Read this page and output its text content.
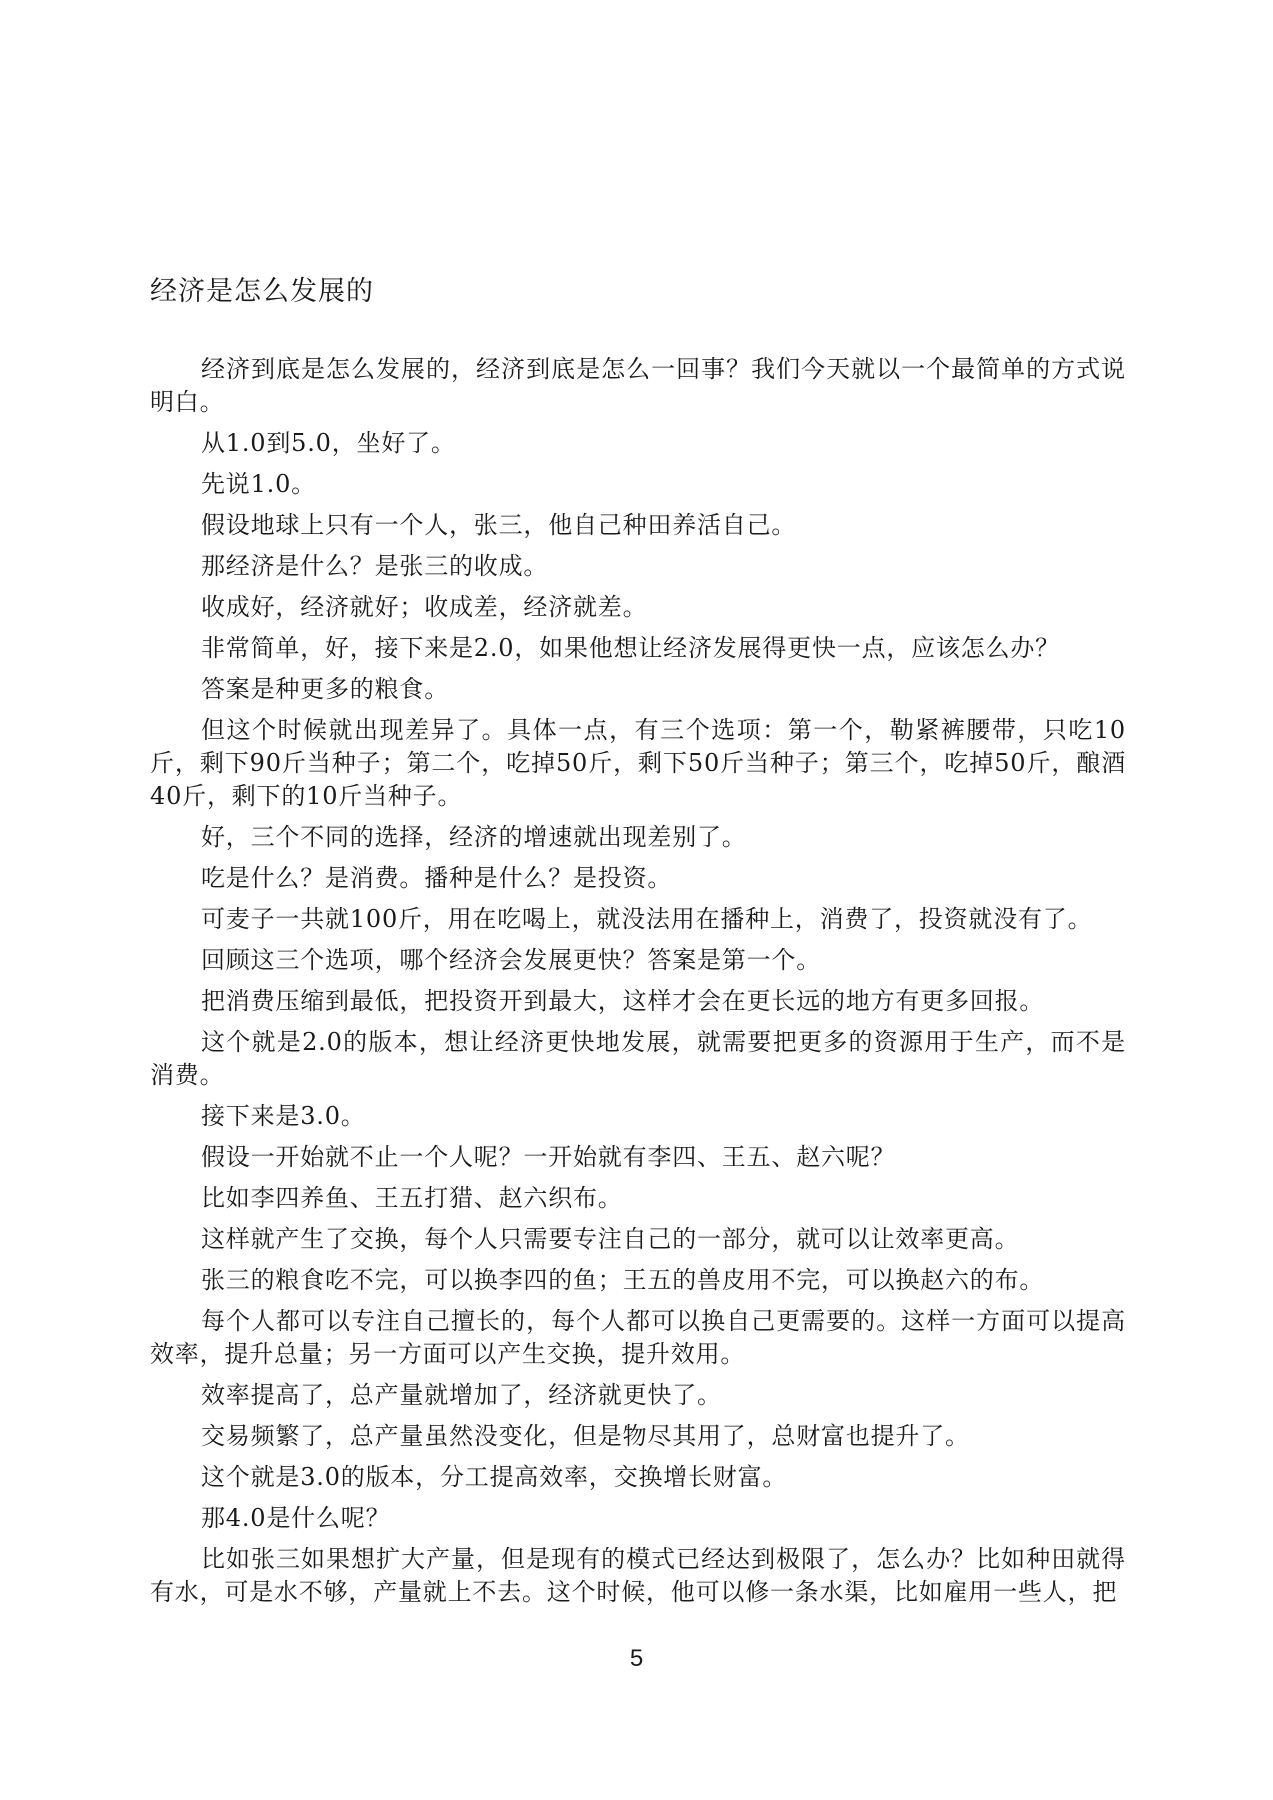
经济是怎么发展的

经济到底是怎么发展的，经济到底是怎么一回事？我们今天就以一个最简单的方式说明白。

从1.0到5.0，坐好了。

先说1.0。

假设地球上只有一个人，张三，他自己种田养活自己。

那经济是什么？是张三的收成。

收成好，经济就好；收成差，经济就差。

非常简单，好，接下来是2.0，如果他想让经济发展得更快一点，应该怎么办？

答案是种更多的粮食。

但这个时候就出现差异了。具体一点，有三个选项：第一个，勒紧裤腰带，只吃10斤，剩下90斤当种子；第二个，吃掉50斤，剩下50斤当种子；第三个，吃掉50斤，酿酒40斤，剩下的10斤当种子。

好，三个不同的选择，经济的增速就出现差别了。

吃是什么？是消费。播种是什么？是投资。

可麦子一共就100斤，用在吃喝上，就没法用在播种上，消费了，投资就没有了。

回顾这三个选项，哪个经济会发展更快？答案是第一个。

把消费压缩到最低，把投资开到最大，这样才会在更长远的地方有更多回报。

这个就是2.0的版本，想让经济更快地发展，就需要把更多的资源用于生产，而不是消费。

接下来是3.0。

假设一开始就不止一个人呢？一开始就有李四、王五、赵六呢？

比如李四养鱼、王五打猎、赵六织布。

这样就产生了交换，每个人只需要专注自己的一部分，就可以让效率更高。

张三的粮食吃不完，可以换李四的鱼；王五的兽皮用不完，可以换赵六的布。

每个人都可以专注自己擅长的，每个人都可以换自己更需要的。这样一方面可以提高效率，提升总量；另一方面可以产生交换，提升效用。

效率提高了，总产量就增加了，经济就更快了。

交易频繁了，总产量虽然没变化，但是物尽其用了，总财富也提升了。

这个就是3.0的版本，分工提高效率，交换增长财富。

那4.0是什么呢？

比如张三如果想扩大产量，但是现有的模式已经达到极限了，怎么办？比如种田就得有水，可是水不够，产量就上不去。这个时候，他可以修一条水渠，比如雇用一些人，把

5
